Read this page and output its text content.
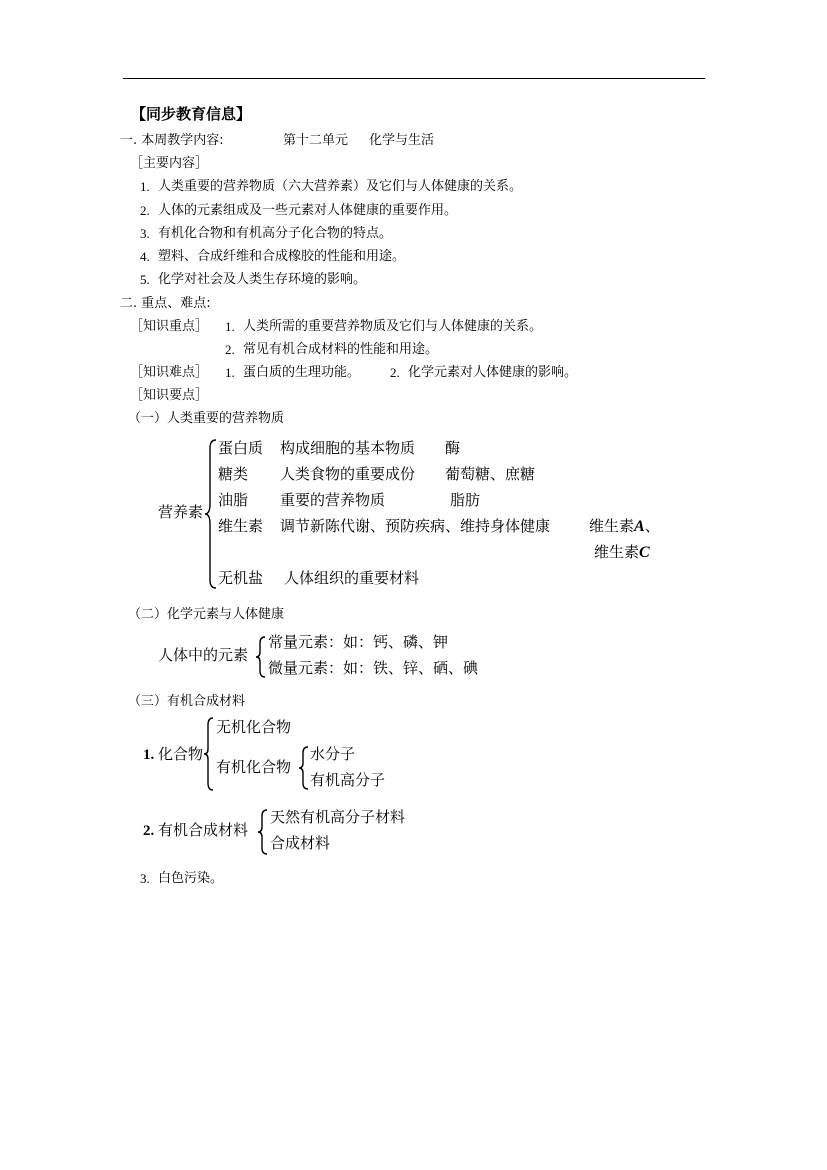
【同步教育信息】
一. 本周教学内容:	第十二单元 化学与生活
［主要内容］
1. 人类重要的营养物质（六大营养素）及它们与人体健康的关系。
2. 人体的元素组成及一些元素对人体健康的重要作用。
3. 有机化合物和有机高分子化合物的特点。
4. 塑料、合成纤维和合成橡胶的性能和用途。
5. 化学对社会及人类生存环境的影响。
二. 重点、难点:
［知识重点］ 1. 人类所需的重要营养物质及它们与人体健康的关系。
2. 常见有机合成材料的性能和用途。
［知识难点］ 1. 蛋白质的生理功能。 2. 化学元素对人体健康的影响。
［知识要点］
（一）人类重要的营养物质
营养素
蛋白质 构成细胞的基本物质 酶
糖类 人类食物的重要成份 葡萄糖、庶糖
油脂 重要的营养物质	脂肪
维生素 调节新陈代谢、预防疾病、维持身体健康	维生素A、
维生素C
无机盐 人体组织的重要材料
（二）化学元素与人体健康
人体中的元素
常量元素：如：钙、磷、钾
微量元素：如：铁、锌、硒、碘
（三）有机合成材料
1. 化合物
无机化合物
有机化合物
水分子
有机高分子
2. 有机合成材料
天然有机高分子材料
合成材料
3. 白色污染。
